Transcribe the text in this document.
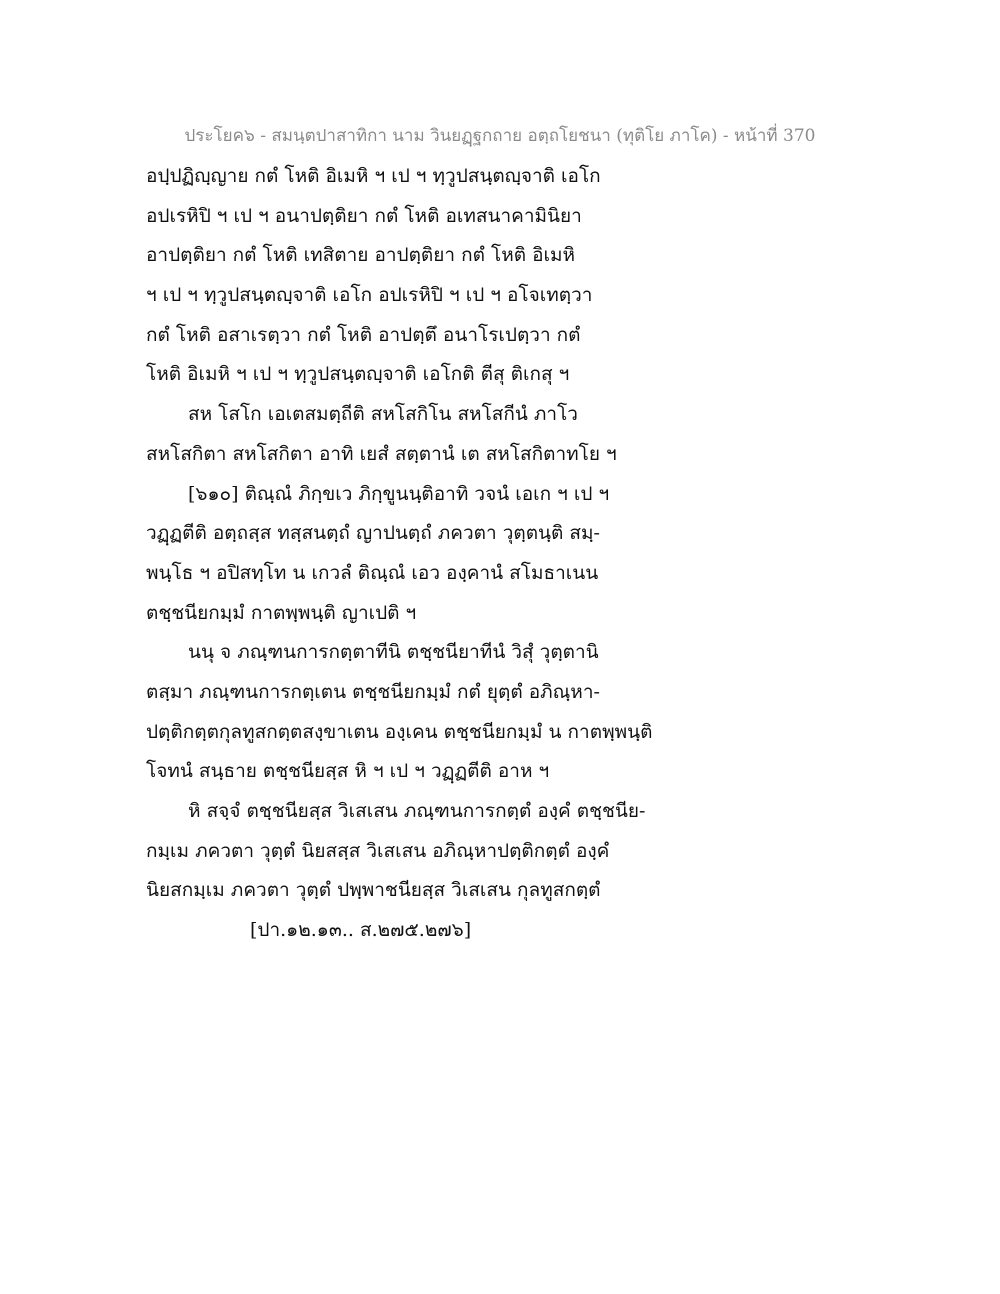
ประโยค๖ - สมนฺตปาสาทิกา นาม วินยฏฺฐกถาย อตฺถโยชนา (ทุติโย ภาโค) - หน้าที่ 370
อปฺปฏิญฺญาย กตํ โหติ อิเมหิ ฯ เป ฯ ทฺวูปสนฺตญฺจาติ เอโก
อปเรหิปิ ฯ เป ฯ อนาปตฺติยา กตํ โหติ อเทสนาคามินิยา
อาปตฺติยา กตํ โหติ เทสิตาย อาปตฺติยา กตํ โหติ อิเมหิ
ฯ เป ฯ ทฺวูปสนฺตญฺจาติ เอโก อปเรหิปิ ฯ เป ฯ อโจเทตฺวา
กตํ โหติ อสาเรตฺวา กตํ โหติ อาปตฺตึ อนาโรเปตฺวา กตํ
โหติ อิเมหิ ฯ เป ฯ ทฺวูปสนฺตญฺจาติ เอโกติ ตีสุ ติเกสุ ฯ
สห โสโก เอเตสมตฺถีติ สหโสกิโน สหโสกีนํ ภาโว
สหโสกิตา สหโสกิตา อาทิ เยสํ สตฺตานํ เต สหโสกิตาทโย ฯ
[๖๑๐] ติณฺณํ ภิกฺขเว ภิกฺขูนนฺติอาทิ วจนํ เอเก ฯ เป ฯ
วฏฺฏตีติ อตฺถสฺส ทสฺสนตฺถํ ญาปนตฺถํ ภควตา วุตฺตนฺติ สมฺ-
พนฺโธ ฯ อปิสทฺโท น เกวลํ ติณฺณํ เอว องฺคานํ สโมธาเนน
ตชฺชนียกมฺมํ กาตพฺพนฺติ ญาเปติ ฯ
นนุ จ ภณฺฑนการกตฺตาทีนิ ตชฺชนียาทีนํ วิสุํ วุตฺตานิ
ตสฺมา ภณฺฑนการกตฺเตน ตชฺชนียกมฺมํ กตํ ยุตฺตํ อภิณฺหา-
ปตฺติกตฺตกุลทูสกตฺตสงฺขาเตน องฺเคน ตชฺชนียกมฺมํ น กาตพฺพนฺติ
โจทนํ สนฺธาย ตชฺชนียสฺส หิ ฯ เป ฯ วฏฺฏตีติ อาห ฯ
หิ สจฺจํ ตชฺชนียสฺส วิเสเสน ภณฺฑนการกตฺตํ องฺคํ ตชฺชนีย-
กมฺเม ภควตา วุตฺตํ นิยสสฺส วิเสเสน อภิณฺหาปตฺติกตฺตํ องฺคํ
นิยสกมฺเม ภควตา วุตฺตํ ปพฺพาชนียสฺส วิเสเสน กุลทูสกตฺตํ
[ปา.๑๒.๑๓.. ส.๒๗๕.๒๗๖]
